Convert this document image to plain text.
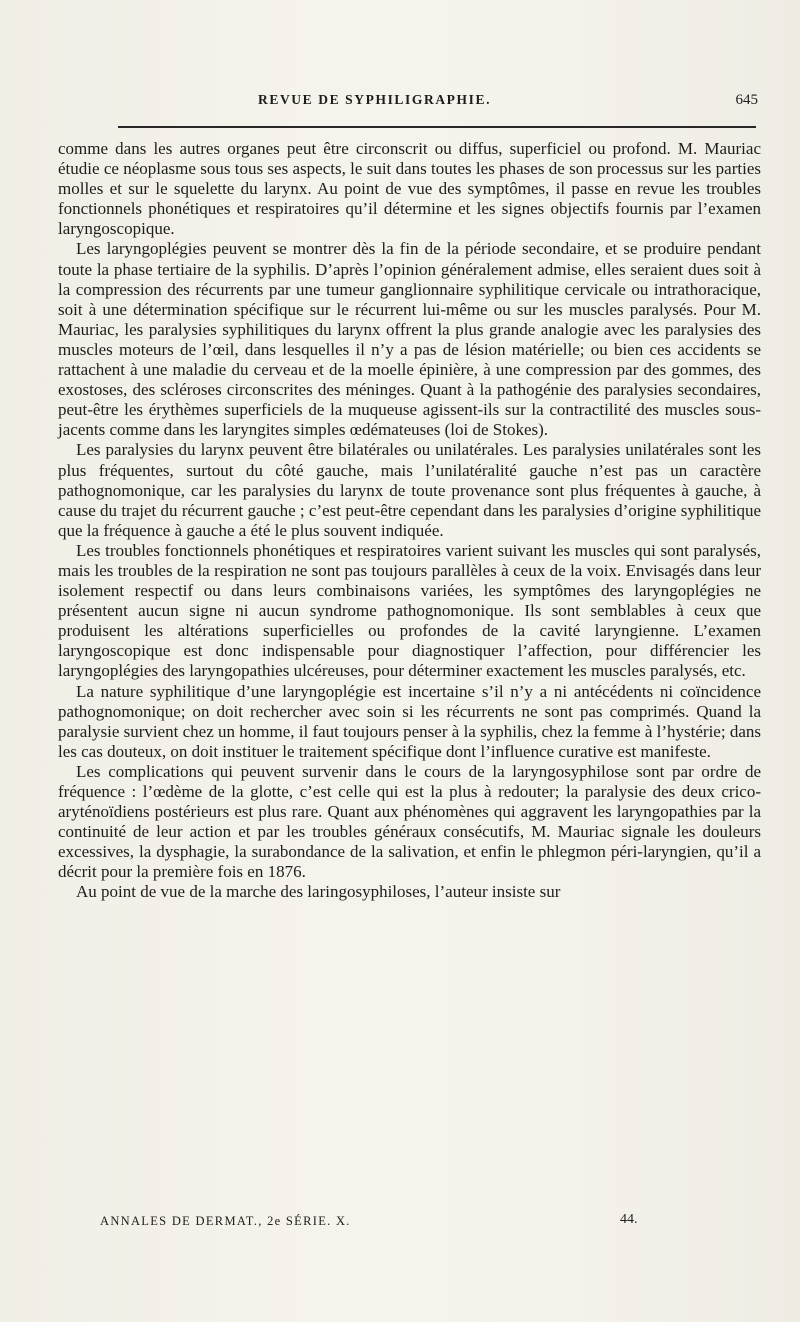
REVUE DE SYPHILIGRAPHIE.	645

comme dans les autres organes peut être circonscrit ou diffus, superficiel ou profond. M. Mauriac étudie ce néoplasme sous tous ses aspects, le suit dans toutes les phases de son processus sur les parties molles et sur le squelette du larynx. Au point de vue des symptômes, il passe en revue les troubles fonctionnels phonétiques et respiratoires qu’il détermine et les signes objectifs fournis par l’examen laryngoscopique.

Les laryngoplégies peuvent se montrer dès la fin de la période secondaire, et se produire pendant toute la phase tertiaire de la syphilis. D’après l’opinion généralement admise, elles seraient dues soit à la compression des récurrents par une tumeur ganglionnaire syphilitique cervicale ou intrathoracique, soit à une détermination spécifique sur le récurrent lui-même ou sur les muscles paralysés. Pour M. Mauriac, les paralysies syphilitiques du larynx offrent la plus grande analogie avec les paralysies des muscles moteurs de l’œil, dans lesquelles il n’y a pas de lésion matérielle; ou bien ces accidents se rattachent à une maladie du cerveau et de la moelle épinière, à une compression par des gommes, des exostoses, des scléroses circonscrites des méninges. Quant à la pathogénie des paralysies secondaires, peut-être les érythèmes superficiels de la muqueuse agissent-ils sur la contractilité des muscles sous-jacents comme dans les laryngites simples œdémateuses (loi de Stokes).

Les paralysies du larynx peuvent être bilatérales ou unilatérales. Les paralysies unilatérales sont les plus fréquentes, surtout du côté gauche, mais l’unilatéralité gauche n’est pas un caractère pathognomonique, car les paralysies du larynx de toute provenance sont plus fréquentes à gauche, à cause du trajet du récurrent gauche ; c’est peut-être cependant dans les paralysies d’origine syphilitique que la fréquence à gauche a été le plus souvent indiquée.

Les troubles fonctionnels phonétiques et respiratoires varient suivant les muscles qui sont paralysés, mais les troubles de la respiration ne sont pas toujours parallèles à ceux de la voix. Envisagés dans leur isolement respectif ou dans leurs combinaisons variées, les symptômes des laryngoplégies ne présentent aucun signe ni aucun syndrome pathognomonique. Ils sont semblables à ceux que produisent les altérations superficielles ou profondes de la cavité laryngienne. L’examen laryngoscopique est donc indispensable pour diagnostiquer l’affection, pour différencier les laryngoplégies des laryngopathies ulcéreuses, pour déterminer exactement les muscles paralysés, etc.

La nature syphilitique d’une laryngoplégie est incertaine s’il n’y a ni antécédents ni coïncidence pathognomonique; on doit rechercher avec soin si les récurrents ne sont pas comprimés. Quand la paralysie survient chez un homme, il faut toujours penser à la syphilis, chez la femme à l’hystérie; dans les cas douteux, on doit instituer le traitement spécifique dont l’influence curative est manifeste.

Les complications qui peuvent survenir dans le cours de la laryngosyphilose sont par ordre de fréquence : l’œdème de la glotte, c’est celle qui est la plus à redouter; la paralysie des deux crico-aryténoïdiens postérieurs est plus rare. Quant aux phénomènes qui aggravent les laryngopathies par la continuité de leur action et par les troubles généraux consécutifs, M. Mauriac signale les douleurs excessives, la dysphagie, la surabondance de la salivation, et enfin le phlegmon péri-laryngien, qu’il a décrit pour la première fois en 1876.

Au point de vue de la marche des laringosyphiloses, l’auteur insiste sur

ANNALES DE DERMAT., 2e SÉRIE. X.	44.
